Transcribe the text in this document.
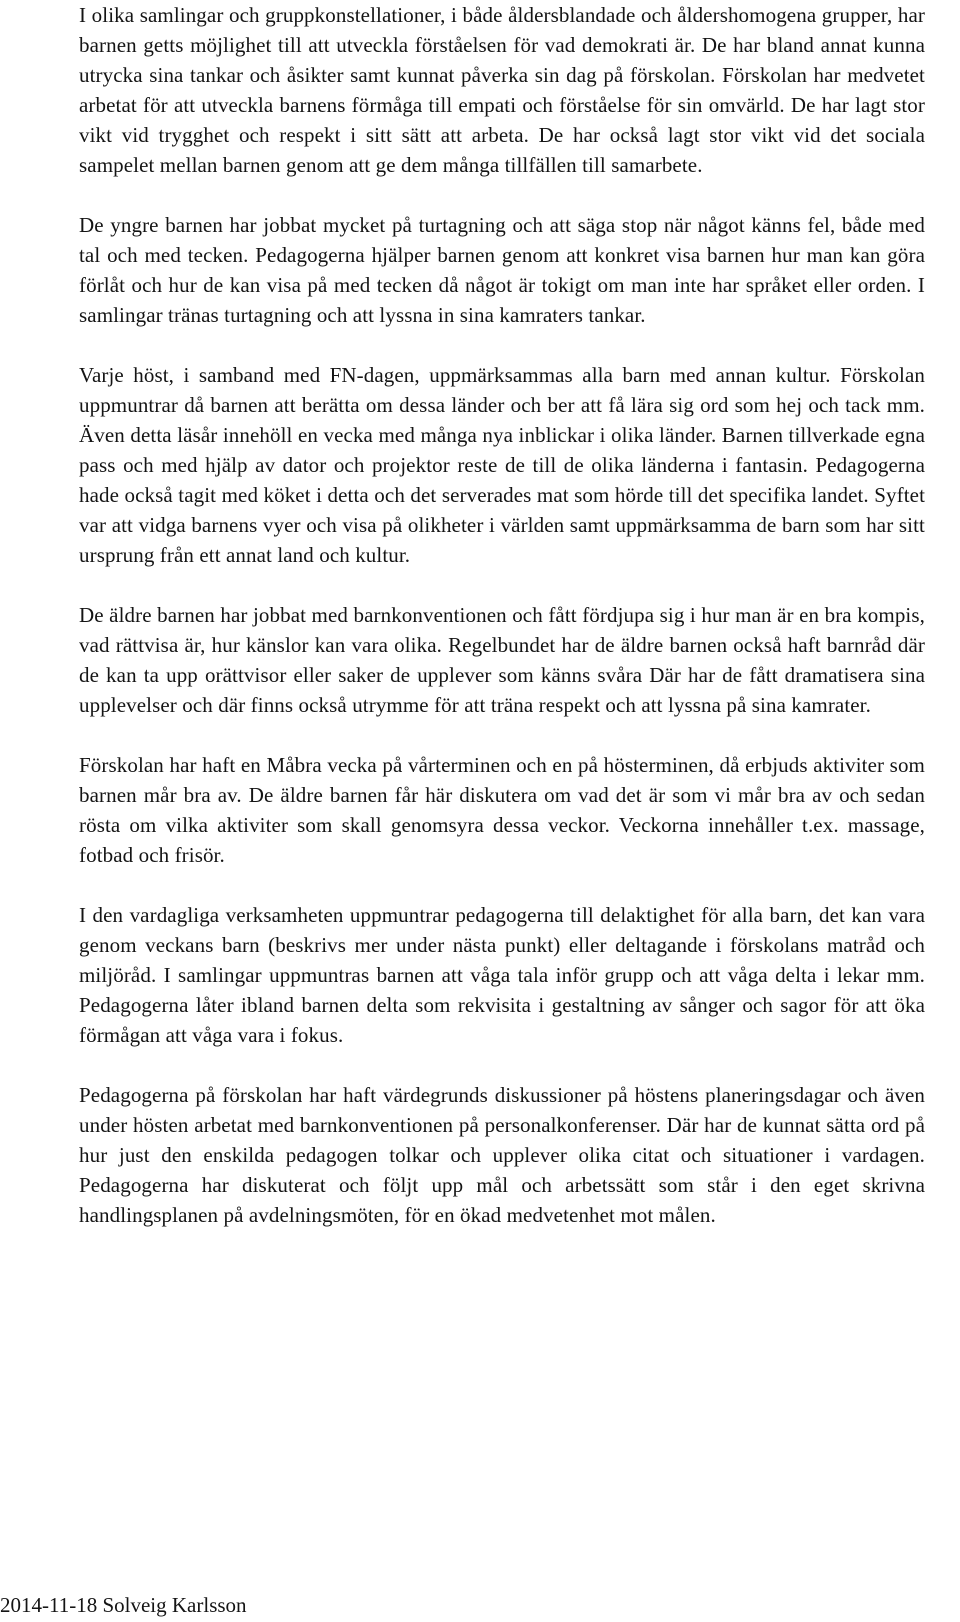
I olika samlingar och gruppkonstellationer, i både åldersblandade och åldershomogena grupper, har barnen getts möjlighet till att utveckla förståelsen för vad demokrati är. De har bland annat kunna utrycka sina tankar och åsikter samt kunnat påverka sin dag på förskolan. Förskolan har medvetet arbetat för att utveckla barnens förmåga till empati och förståelse för sin omvärld. De har lagt stor vikt vid trygghet och respekt i sitt sätt att arbeta. De har också lagt stor vikt vid det sociala sampelet mellan barnen genom att ge dem många tillfällen till samarbete.

De yngre barnen har jobbat mycket på turtagning och att säga stop när något känns fel, både med tal och med tecken. Pedagogerna hjälper barnen genom att konkret visa barnen hur man kan göra förlåt och hur de kan visa på med tecken då något är tokigt om man inte har språket eller orden. I samlingar tränas turtagning och att lyssna in sina kamraters tankar.

Varje höst, i samband med FN-dagen, uppmärksammas alla barn med annan kultur. Förskolan uppmuntrar då barnen att berätta om dessa länder och ber att få lära sig ord som hej och tack mm. Även detta läsår innehöll en vecka med många nya inblickar i olika länder. Barnen tillverkade egna pass och med hjälp av dator och projektor reste de till de olika länderna i fantasin. Pedagogerna hade också tagit med köket i detta och det serverades mat som hörde till det specifika landet. Syftet var att vidga barnens vyer och visa på olikheter i världen samt uppmärksamma de barn som har sitt ursprung från ett annat land och kultur.

De äldre barnen har jobbat med barnkonventionen och fått fördjupa sig i hur man är en bra kompis, vad rättvisa är, hur känslor kan vara olika. Regelbundet har de äldre barnen också haft barnråd där de kan ta upp orättvisor eller saker de upplever som känns svåra Där har de fått dramatisera sina upplevelser och där finns också utrymme för att träna respekt och att lyssna på sina kamrater.

Förskolan har haft en Måbra vecka på vårterminen och en på hösterminen, då erbjuds aktiviter som barnen mår bra av. De äldre barnen får här diskutera om vad det är som vi mår bra av och sedan rösta om vilka aktiviter som skall genomsyra dessa veckor. Veckorna innehåller t.ex. massage, fotbad och frisör.

I den vardagliga verksamheten uppmuntrar pedagogerna till delaktighet för alla barn, det kan vara genom veckans barn (beskrivs mer under nästa punkt) eller deltagande i förskolans matråd och miljöråd. I samlingar uppmuntras barnen att våga tala inför grupp och att våga delta i lekar mm. Pedagogerna låter ibland barnen delta som rekvisita i gestaltning av sånger och sagor för att öka förmågan att våga vara i fokus.

Pedagogerna på förskolan har haft värdegrunds diskussioner på höstens planeringsdagar och även under hösten arbetat med barnkonventionen på personalkonferenser. Där har de kunnat sätta ord på hur just den enskilda pedagogen tolkar och upplever olika citat och situationer i vardagen. Pedagogerna har diskuterat och följt upp mål och arbetssätt som står i den eget skrivna handlingsplanen på avdelningsmöten, för en ökad medvetenhet mot målen.

2014-11-18 Solveig Karlsson
